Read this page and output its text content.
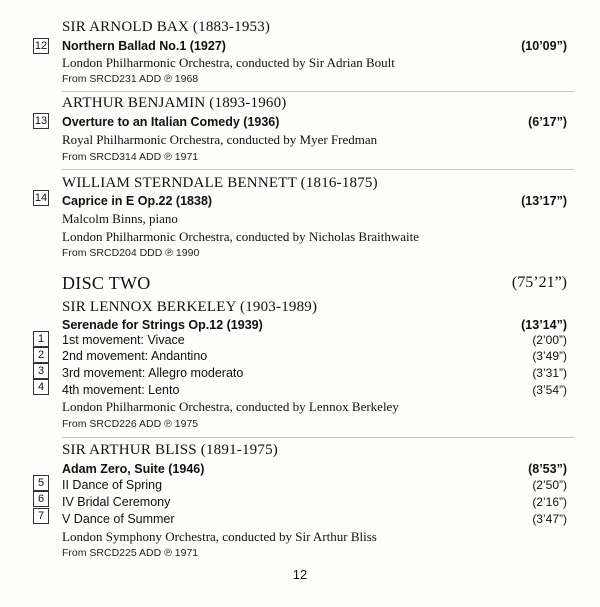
12
SIR ARNOLD BAX (1883-1953)
Northern Ballad No.1 (1927)	(10’09”)
London Philharmonic Orchestra, conducted by Sir Adrian Boult
From SRCD231 ADD ℗ 1968
13
ARTHUR BENJAMIN (1893-1960)
Overture to an Italian Comedy (1936)	(6’17”)
Royal Philharmonic Orchestra, conducted by Myer Fredman
From SRCD314 ADD ℗ 1971
14
WILLIAM STERNDALE BENNETT (1816-1875)
Caprice in E Op.22 (1838)	(13’17”)
Malcolm Binns, piano
London Philharmonic Orchestra, conducted by Nicholas Braithwaite
From SRCD204 DDD ℗ 1990
DISC TWO	(75’21”)
SIR LENNOX BERKELEY (1903-1989)
Serenade for Strings Op.12 (1939)	(13’14”)
1	1st movement: Vivace	(2’00”)
2	2nd movement: Andantino	(3’49”)
3	3rd movement: Allegro moderato	(3’31”)
4	4th movement: Lento	(3’54”)
London Philharmonic Orchestra, conducted by Lennox Berkeley
From SRCD226 ADD ℗ 1975
SIR ARTHUR BLISS (1891-1975)
Adam Zero, Suite (1946)	(8’53”)
5	II Dance of Spring	(2’50”)
6	IV Bridal Ceremony	(2’16”)
7	V Dance of Summer	(3’47”)
London Symphony Orchestra, conducted by Sir Arthur Bliss
From SRCD225 ADD ℗ 1971
12
